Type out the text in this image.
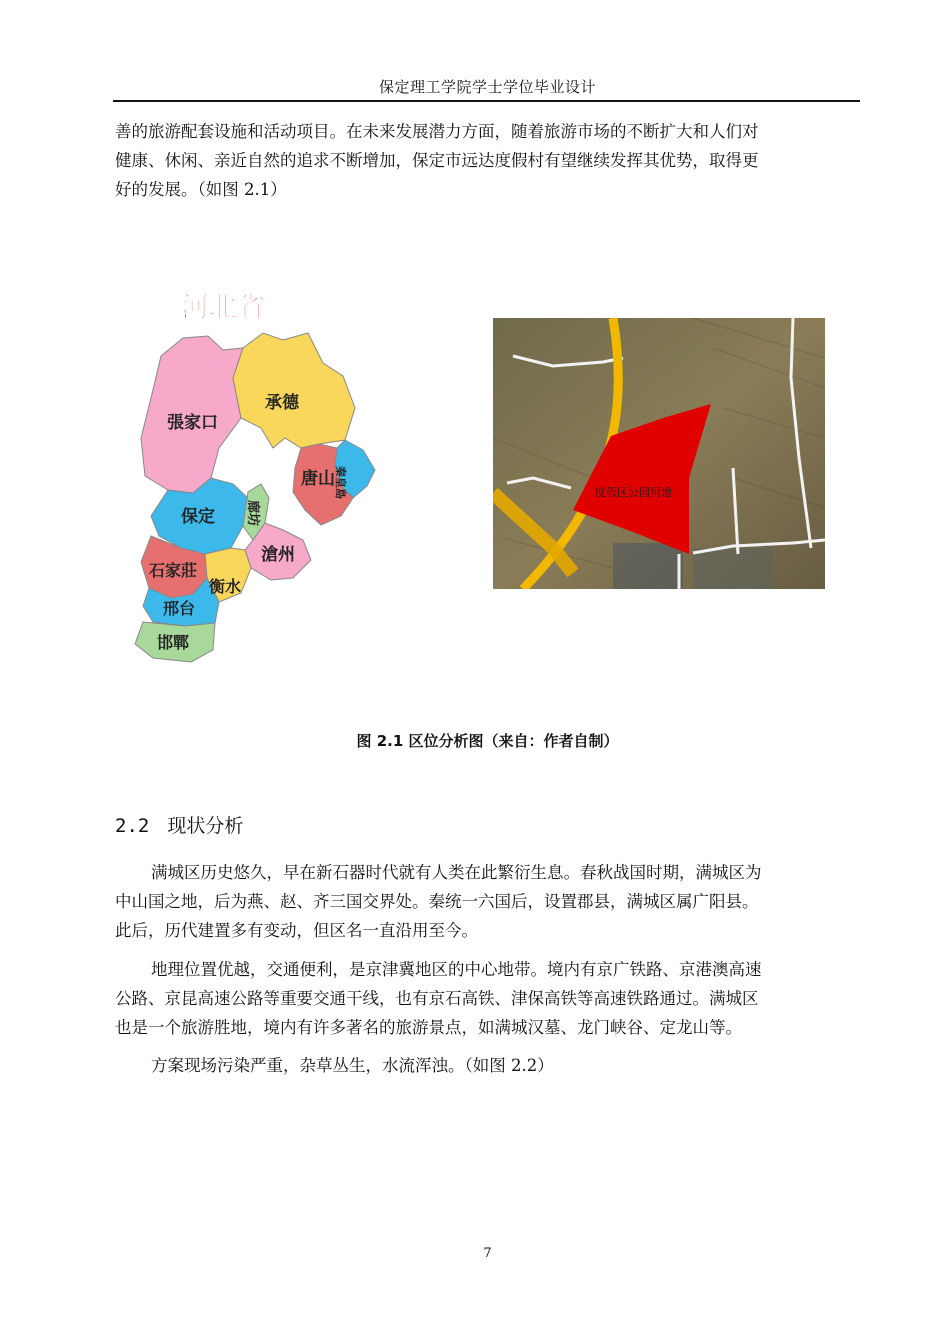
保定理工学院学士学位毕业设计
善的旅游配套设施和活动项目。在未来发展潜力方面，随着旅游市场的不断扩大和人们对
健康、休闲、亲近自然的追求不断增加，保定市远达度假村有望继续发挥其优势，取得更
好的发展。（如图 2.1）
河北省
張家口
承德
秦皇島
唐山
保定 廊坊
滄州
石家莊
衡水
邢台
邯鄲
度假区公园用地
图 2.1 区位分析图（来自：作者自制）
2.2 现状分析
满城区历史悠久，早在新石器时代就有人类在此繁衍生息。春秋战国时期，满城区为
中山国之地，后为燕、赵、齐三国交界处。秦统一六国后，设置郡县，满城区属广阳县。
此后，历代建置多有变动，但区名一直沿用至今。
地理位置优越，交通便利，是京津冀地区的中心地带。境内有京广铁路、京港澳高速
公路、京昆高速公路等重要交通干线，也有京石高铁、津保高铁等高速铁路通过。满城区
也是一个旅游胜地，境内有许多著名的旅游景点，如满城汉墓、龙门峡谷、定龙山等。
方案现场污染严重，杂草丛生，水流浑浊。（如图 2.2）
7
